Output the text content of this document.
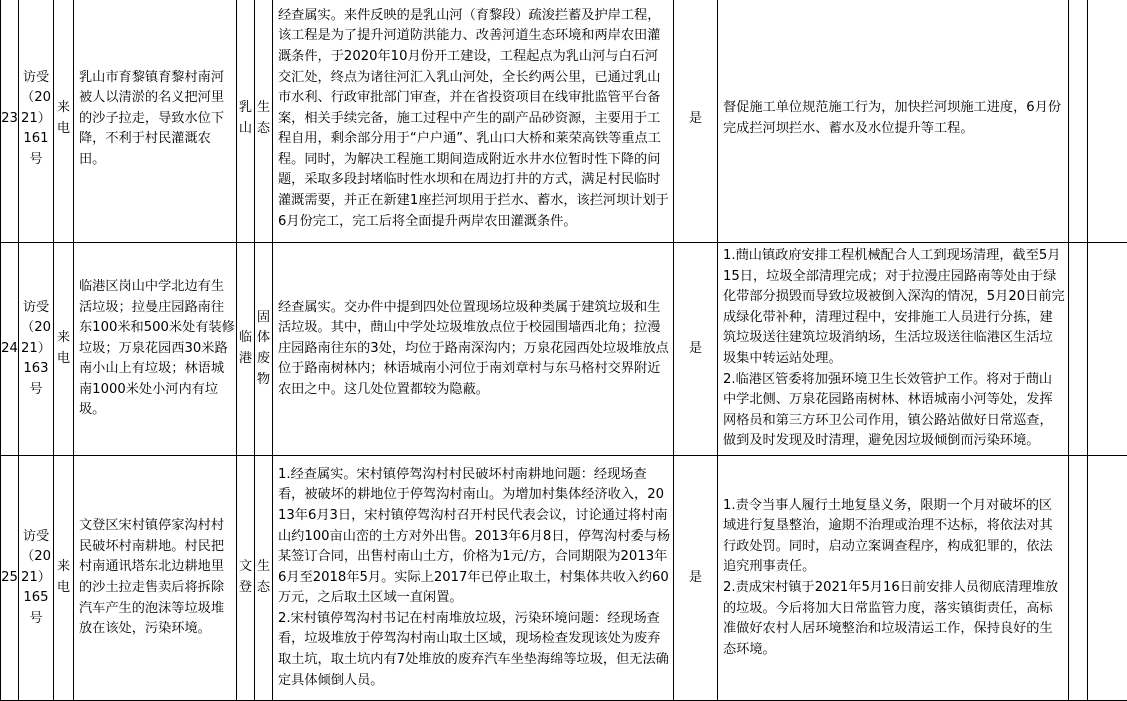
23	访受（2021）161号	来电	乳山市育黎镇育黎村南河被人以清淤的名义把河里的沙子拉走，导致水位下降，不利于村民灌溉农田。	乳山	生态	经查属实。来件反映的是乳山河（育黎段）疏浚拦蓄及护岸工程，该工程是为了提升河道防洪能力、改善河道生态环境和两岸农田灌溉条件，于2020年10月份开工建设，工程起点为乳山河与白石河交汇处，终点为诸往河汇入乳山河处，全长约两公里，已通过乳山市水利、行政审批部门审查，并在省投资项目在线审批监管平台备案，相关手续完备，施工过程中产生的副产品砂资源，主要用于工程自用，剩余部分用于“户户通”、乳山口大桥和莱荣高铁等重点工程。同时，为解决工程施工期间造成附近水井水位暂时性下降的问题，采取多段封堵临时性水坝和在周边打井的方式，满足村民临时灌溉需要，并正在新建1座拦河坝用于拦水、蓄水，该拦河坝计划于6月份完工，完工后将全面提升两岸农田灌溉条件。	是	督促施工单位规范施工行为，加快拦河坝施工进度，6月份完成拦河坝拦水、蓄水及水位提升等工程。		

24	访受（2021）163号	来电	临港区岗山中学北边有生活垃圾；拉曼庄园路南往东100米和500米处有装修垃圾；万泉花园西30米路南小山上有垃圾；林语城南1000米处小河内有垃圾。	临港	固体废物	经查属实。交办件中提到四处位置现场垃圾种类属于建筑垃圾和生活垃圾。其中，蔄山中学处垃圾堆放点位于校园围墙西北角；拉漫庄园路南往东的3处，均位于路南深沟内；万泉花园西处垃圾堆放点位于路南树林内；林语城南小河位于南刘章村与东马格村交界附近农田之中。这几处位置都较为隐蔽。	是	1.蔄山镇政府安排工程机械配合人工到现场清理，截至5月15日，垃圾全部清理完成；对于拉漫庄园路南等处由于绿化带部分损毁而导致垃圾被倒入深沟的情况，5月20日前完成绿化带补种，清理过程中，安排施工人员进行分拣，建筑垃圾送往建筑垃圾消纳场，生活垃圾送往临港区生活垃圾集中转运站处理。
2.临港区管委将加强环境卫生长效管护工作。将对于蔄山中学北侧、万泉花园路南树林、林语城南小河等处，发挥网格员和第三方环卫公司作用，镇公路站做好日常巡查，做到及时发现及时清理，避免因垃圾倾倒而污染环境。		

25	访受（2021）165号	来电	文登区宋村镇停家沟村村民破坏村南耕地。村民把村南通讯塔东北边耕地里的沙土拉走售卖后将拆除汽车产生的泡沫等垃圾堆放在该处，污染环境。	文登	生态	1.经查属实。宋村镇停驾沟村村民破坏村南耕地问题：经现场查看，被破坏的耕地位于停驾沟村南山。为增加村集体经济收入，2013年6月3日，宋村镇停驾沟村召开村民代表会议，讨论通过将村南山约100亩山峦的土方对外出售。2013年6月8日，停驾沟村委与杨某签订合同，出售村南山土方，价格为1元/方，合同期限为2013年6月至2018年5月。实际上2017年已停止取土，村集体共收入约60万元，之后取土区域一直闲置。
2.宋村镇停驾沟村书记在村南堆放垃圾，污染环境问题：经现场查看，垃圾堆放于停驾沟村南山取土区域，现场检查发现该处为废弃取土坑，取土坑内有7处堆放的废弃汽车坐垫海绵等垃圾，但无法确定具体倾倒人员。	是	1.责令当事人履行土地复垦义务，限期一个月对破坏的区域进行复垦整治，逾期不治理或治理不达标，将依法对其行政处罚。同时，启动立案调查程序，构成犯罪的，依法追究刑事责任。
2.责成宋村镇于2021年5月16日前安排人员彻底清理堆放的垃圾。今后将加大日常监管力度，落实镇街责任，高标准做好农村人居环境整治和垃圾清运工作，保持良好的生态环境。		
